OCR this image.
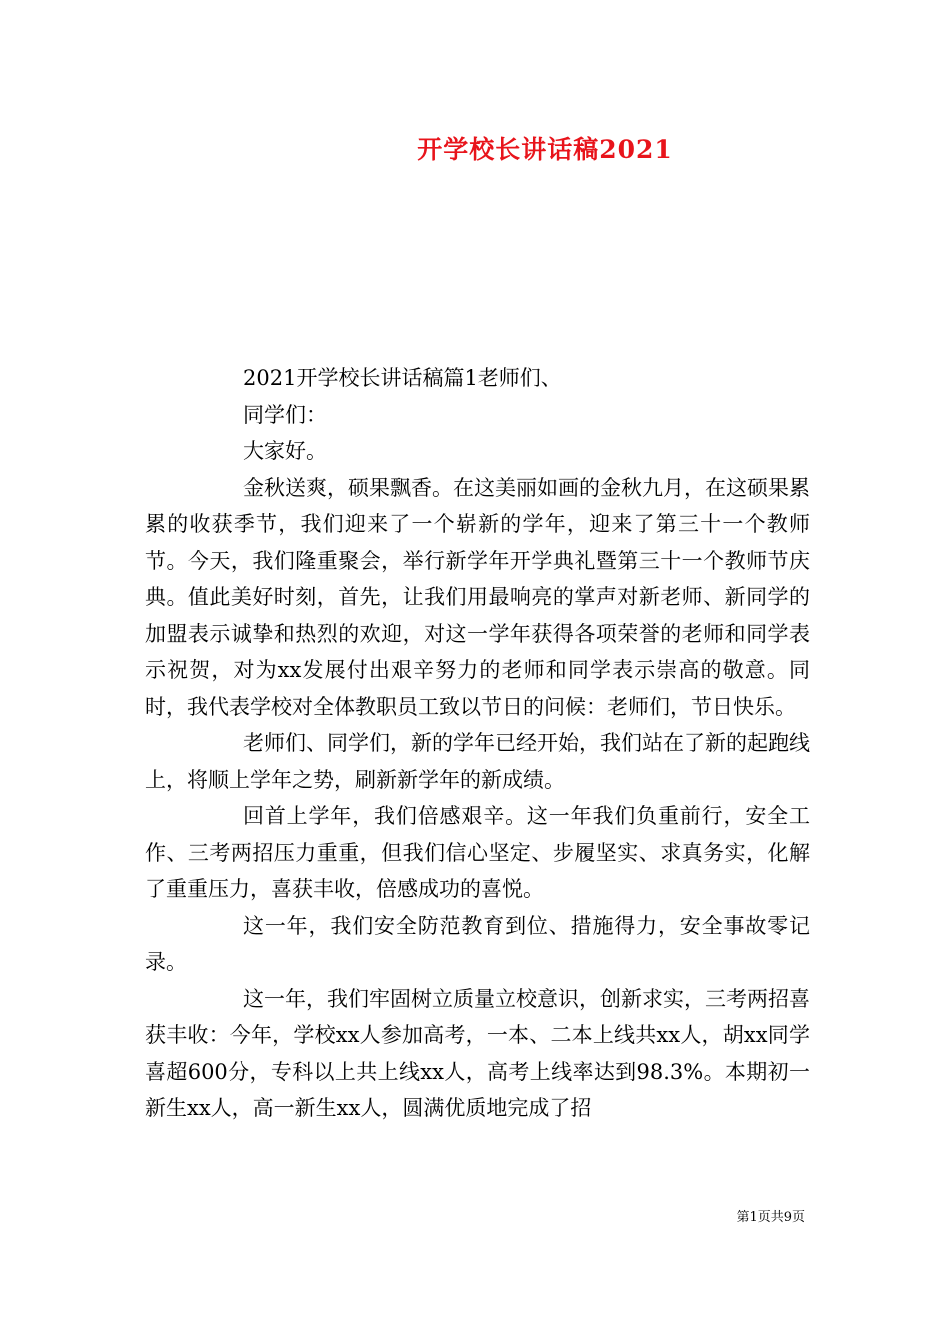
开学校长讲话稿2021

2021开学校长讲话稿篇1老师们、

同学们：

大家好。

金秋送爽，硕果飘香。在这美丽如画的金秋九月，在这硕果累累的收获季节，我们迎来了一个崭新的学年，迎来了第三十一个教师节。今天，我们隆重聚会，举行新学年开学典礼暨第三十一个教师节庆典。值此美好时刻，首先，让我们用最响亮的掌声对新老师、新同学的加盟表示诚挚和热烈的欢迎，对这一学年获得各项荣誉的老师和同学表示祝贺，对为xx发展付出艰辛努力的老师和同学表示崇高的敬意。同时，我代表学校对全体教职员工致以节日的问候：老师们，节日快乐。

老师们、同学们，新的学年已经开始，我们站在了新的起跑线上，将顺上学年之势，刷新新学年的新成绩。

回首上学年，我们倍感艰辛。这一年我们负重前行，安全工作、三考两招压力重重，但我们信心坚定、步履坚实、求真务实，化解了重重压力，喜获丰收，倍感成功的喜悦。

这一年，我们安全防范教育到位、措施得力，安全事故零记录。

这一年，我们牢固树立质量立校意识，创新求实，三考两招喜获丰收：今年，学校xx人参加高考，一本、二本上线共xx人，胡xx同学喜超600分，专科以上共上线xx人，高考上线率达到98.3%。本期初一新生xx人，高一新生xx人，圆满优质地完成了招

第1页共9页
